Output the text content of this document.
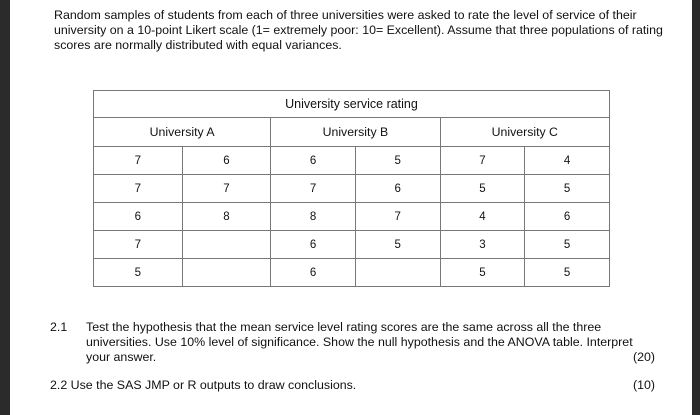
Random samples of students from each of three universities were asked to rate the level of service of their university on a 10-point Likert scale (1= extremely poor: 10= Excellent). Assume that three populations of rating scores are normally distributed with equal variances.

University service rating					
University A		University B		University C	
7	6	6	5	7	4
7	7	7	6	5	5
6	8	8	7	4	6
7		6	5	3	5
5		6		5	5
2.1 Test the hypothesis that the mean service level rating scores are the same across all the three universities. Use 10% level of significance. Show the null hypothesis and the ANOVA table. Interpret your answer.	(20)

2.2 Use the SAS JMP or R outputs to draw conclusions.	(10)
